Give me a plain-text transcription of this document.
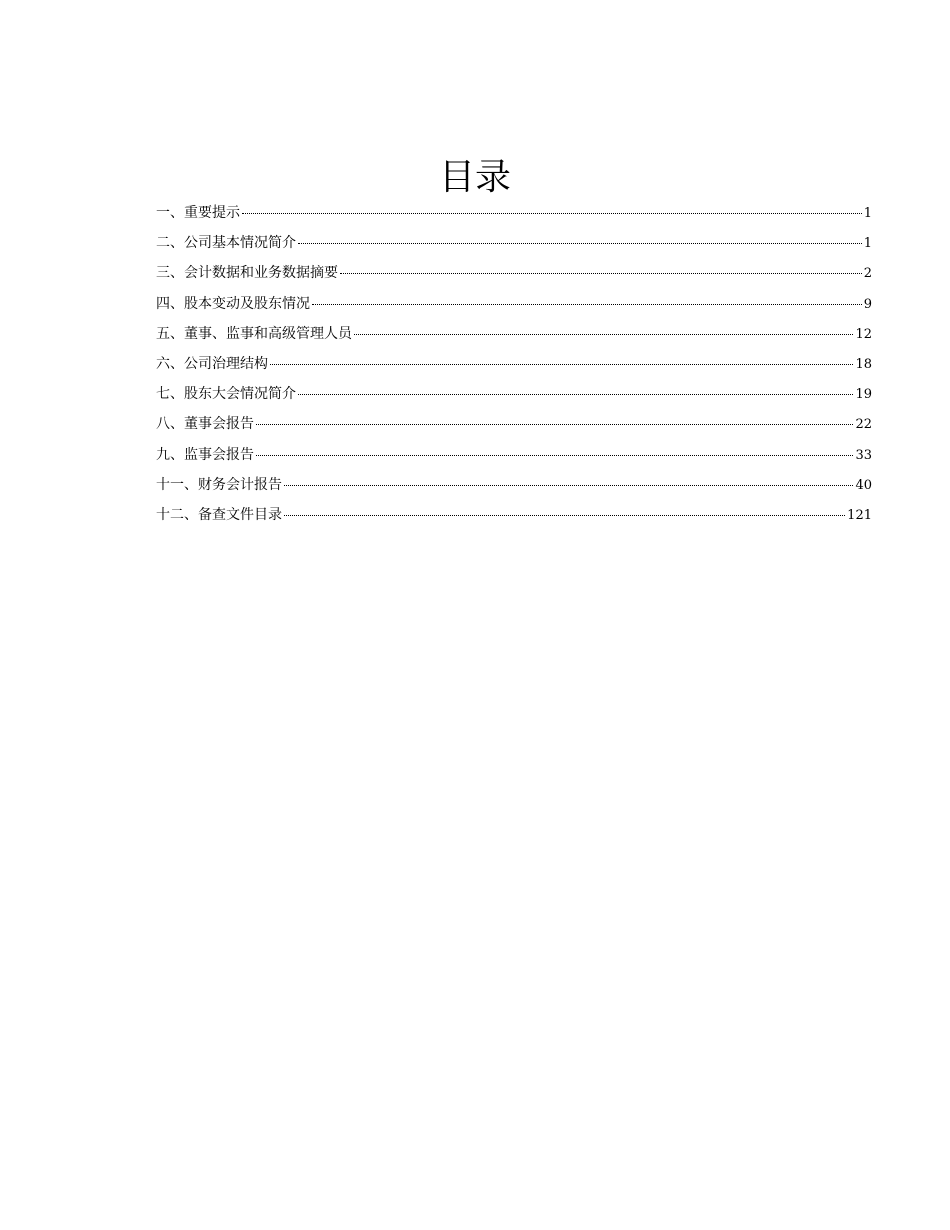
目录
一、重要提示	1
二、公司基本情况简介	1
三、会计数据和业务数据摘要	2
四、股本变动及股东情况	9
五、董事、监事和高级管理人员	12
六、公司治理结构	18
七、股东大会情况简介	19
八、董事会报告	22
九、监事会报告	33
十一、财务会计报告	40
十二、备查文件目录	121
